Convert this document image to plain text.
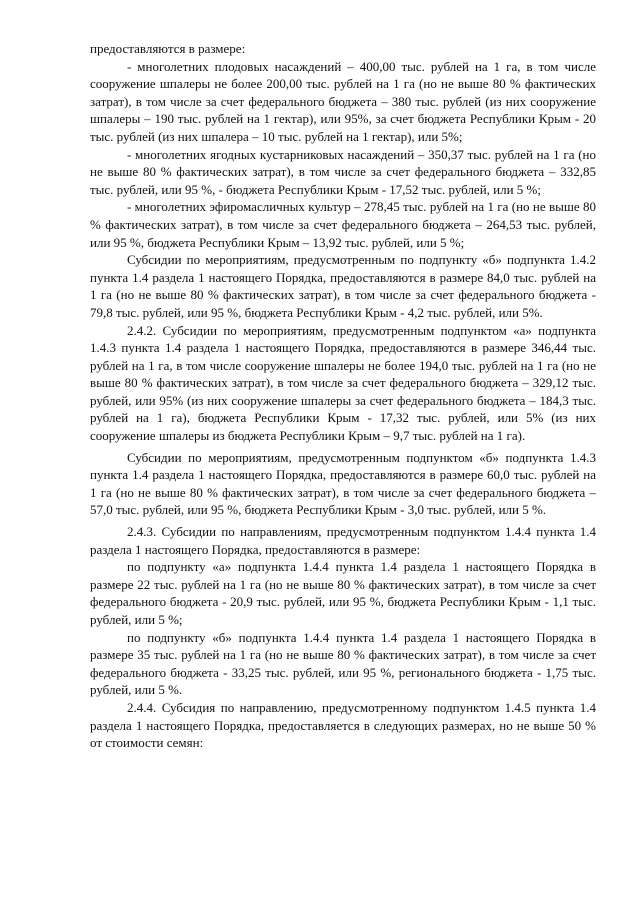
предоставляются в размере:

- многолетних плодовых насаждений – 400,00 тыс. рублей на 1 га, в том числе сооружение шпалеры не более 200,00 тыс. рублей на 1 га (но не выше 80 % фактических затрат), в том числе за счет федерального бюджета – 380 тыс. рублей (из них сооружение шпалеры – 190 тыс. рублей на 1 гектар), или 95%, за счет бюджета Республики Крым - 20 тыс. рублей (из них шпалера – 10 тыс. рублей на 1 гектар), или 5%;

- многолетних ягодных кустарниковых насаждений – 350,37 тыс. рублей на 1 га (но не выше 80 % фактических затрат), в том числе за счет федерального бюджета – 332,85 тыс. рублей, или 95 %, - бюджета Республики Крым - 17,52 тыс. рублей, или 5 %;

- многолетних эфиромасличных культур – 278,45 тыс. рублей на 1 га (но не выше 80 % фактических затрат), в том числе за счет федерального бюджета – 264,53 тыс. рублей, или 95 %, бюджета Республики Крым – 13,92 тыс. рублей, или 5 %;

Субсидии по мероприятиям, предусмотренным по подпункту «б» подпункта 1.4.2 пункта 1.4 раздела 1 настоящего Порядка, предоставляются в размере 84,0 тыс. рублей на 1 га (но не выше 80 % фактических затрат), в том числе за счет федерального бюджета - 79,8 тыс. рублей, или 95 %, бюджета Республики Крым - 4,2 тыс. рублей, или 5%.

2.4.2. Субсидии по мероприятиям, предусмотренным подпунктом «а» подпункта 1.4.3 пункта 1.4 раздела 1 настоящего Порядка, предоставляются в размере 346,44 тыс. рублей на 1 га, в том числе сооружение шпалеры не более 194,0 тыс. рублей на 1 га (но не выше 80 % фактических затрат), в том числе за счет федерального бюджета – 329,12 тыс. рублей, или 95% (из них сооружение шпалеры за счет федерального бюджета – 184,3 тыс. рублей на 1 га), бюджета Республики Крым - 17,32 тыс. рублей, или 5% (из них сооружение шпалеры из бюджета Республики Крым – 9,7 тыс. рублей на 1 га).

Субсидии по мероприятиям, предусмотренным подпунктом «б» подпункта 1.4.3 пункта 1.4 раздела 1 настоящего Порядка, предоставляются в размере 60,0 тыс. рублей на 1 га (но не выше 80 % фактических затрат), в том числе за счет федерального бюджета – 57,0 тыс. рублей, или 95 %, бюджета Республики Крым - 3,0 тыс. рублей, или 5 %.

2.4.3. Субсидии по направлениям, предусмотренным подпунктом 1.4.4 пункта 1.4 раздела 1 настоящего Порядка, предоставляются в размере:

по подпункту «а» подпункта 1.4.4 пункта 1.4 раздела 1 настоящего Порядка в размере 22 тыс. рублей на 1 га (но не выше 80 % фактических затрат), в том числе за счет федерального бюджета - 20,9 тыс. рублей, или 95 %, бюджета Республики Крым - 1,1 тыс. рублей, или 5 %;

по подпункту «б» подпункта 1.4.4 пункта 1.4 раздела 1 настоящего Порядка в размере 35 тыс. рублей на 1 га (но не выше 80 % фактических затрат), в том числе за счет федерального бюджета - 33,25 тыс. рублей, или 95 %, регионального бюджета - 1,75 тыс. рублей, или 5 %.

2.4.4. Субсидия по направлению, предусмотренному подпунктом 1.4.5 пункта 1.4 раздела 1 настоящего Порядка, предоставляется в следующих размерах, но не выше 50 % от стоимости семян:
